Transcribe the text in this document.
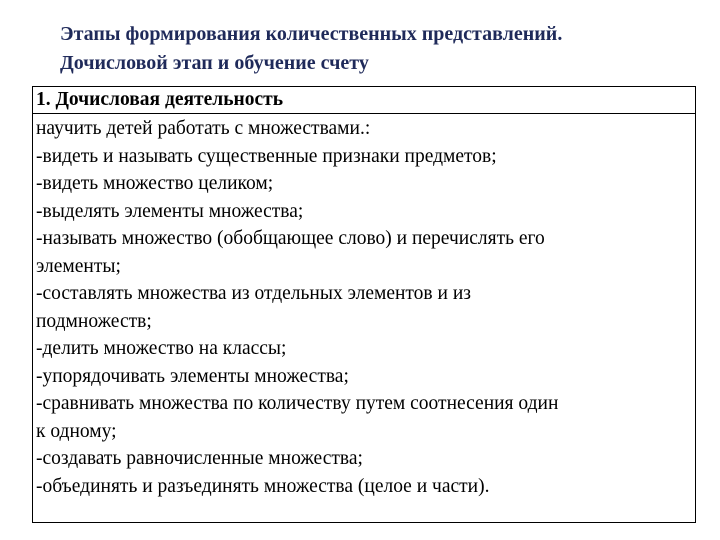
Этапы формирования количественных представлений.
Дочисловой этап и обучение счету
1. Дочисловая деятельность

научить детей работать с множествами.:
-видеть и называть существенные признаки предметов;
-видеть множество целиком;
-выделять элементы множества;
-называть множество (обобщающее слово) и перечислять его
элементы;
-составлять множества из отдельных элементов и из
подмножеств;
-делить множество на классы;
-упорядочивать элементы множества;
-сравнивать множества по количеству путем соотнесения один
к одному;
-создавать равночисленные множества;
-объединять и разъединять множества (целое и части).
